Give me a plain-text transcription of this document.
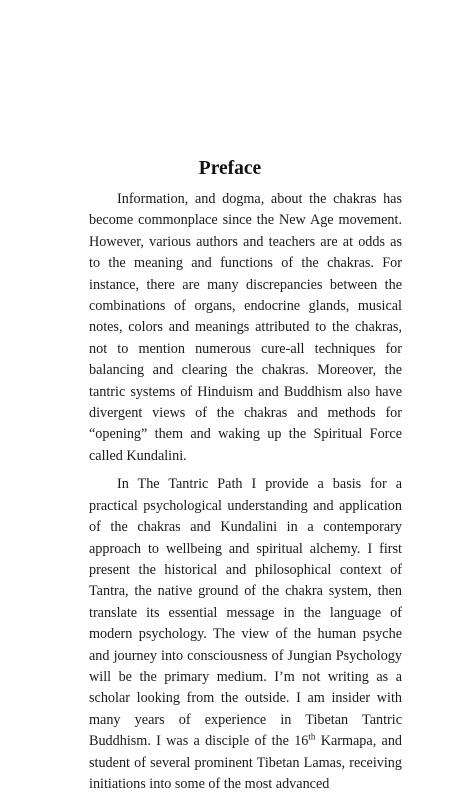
Preface

Information, and dogma, about the chakras has become commonplace since the New Age movement. However, various authors and teachers are at odds as to the meaning and functions of the chakras. For instance, there are many discrepancies between the combinations of organs, endocrine glands, musical notes, colors and meanings attributed to the chakras, not to mention numerous cure-all techniques for balancing and clearing the chakras. Moreover, the tantric systems of Hinduism and Buddhism also have divergent views of the chakras and methods for “opening” them and waking up the Spiritual Force called Kundalini.

In The Tantric Path I provide a basis for a practical psychological understanding and application of the chakras and Kundalini in a contemporary approach to wellbeing and spiritual alchemy. I first present the historical and philosophical context of Tantra, the native ground of the chakra system, then translate its essential message in the language of modern psychology. The view of the human psyche and journey into consciousness of Jungian Psychology will be the primary medium. I’m not writing as a scholar looking from the outside. I am insider with many years of experience in Tibetan Tantric Buddhism. I was a disciple of the 16th Karmapa, and student of several prominent Tibetan Lamas, receiving initiations into some of the most advanced
